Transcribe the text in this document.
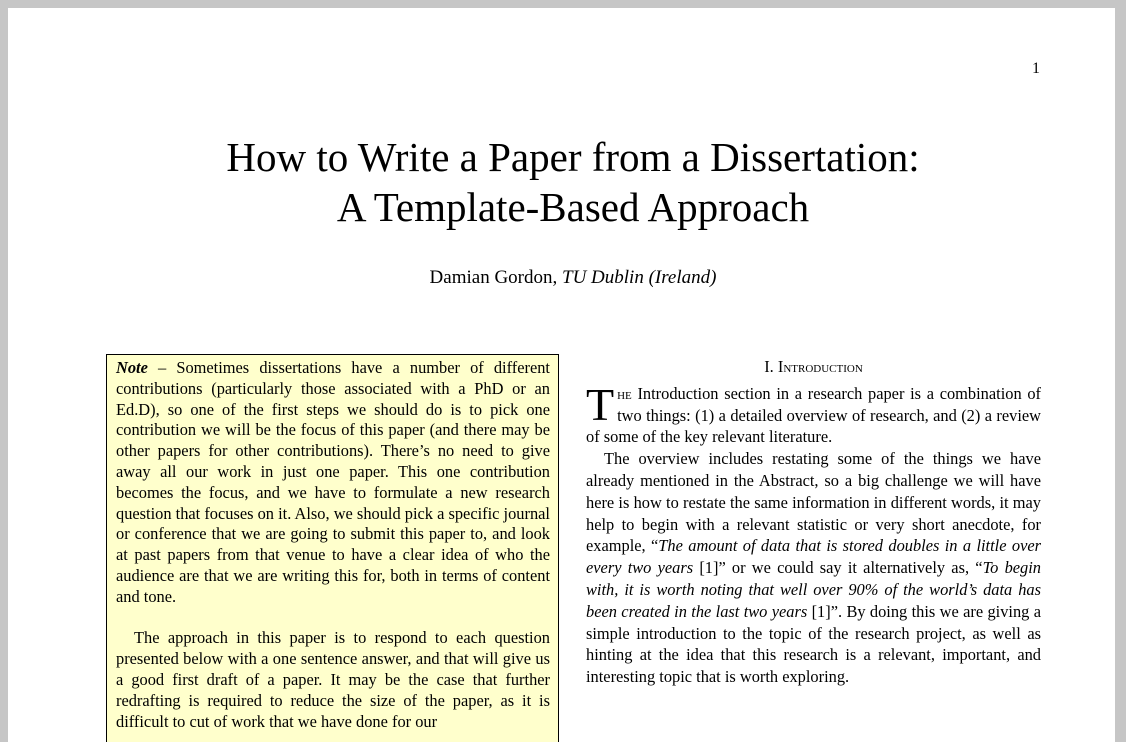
1
How to Write a Paper from a Dissertation:
A Template-Based Approach
Damian Gordon, TU Dublin (Ireland)

Note – Sometimes dissertations have a number of different contributions (particularly those associated with a PhD or an Ed.D), so one of the first steps we should do is to pick one contribution we will be the focus of this paper (and there may be other papers for other contributions). There’s no need to give away all our work in just one paper. This one contribution becomes the focus, and we have to formulate a new research question that focuses on it. Also, we should pick a specific journal or conference that we are going to submit this paper to, and look at past papers from that venue to have a clear idea of who the audience are that we are writing this for, both in terms of content and tone.

The approach in this paper is to respond to each question presented below with a one sentence answer, and that will give us a good first draft of a paper. It may be the case that further redrafting is required to reduce the size of the paper, as it is difficult to cut of work that we have done for our

I. Introduction

The Introduction section in a research paper is a combination of two things: (1) a detailed overview of research, and (2) a review of some of the key relevant literature.

The overview includes restating some of the things we have already mentioned in the Abstract, so a big challenge we will have here is how to restate the same information in different words, it may help to begin with a relevant statistic or very short anecdote, for example, “The amount of data that is stored doubles in a little over every two years [1]” or we could say it alternatively as, “To begin with, it is worth noting that well over 90% of the world’s data has been created in the last two years [1]”. By doing this we are giving a simple introduction to the topic of the research project, as well as hinting at the idea that this research is a relevant, important, and interesting topic that is worth exploring.
